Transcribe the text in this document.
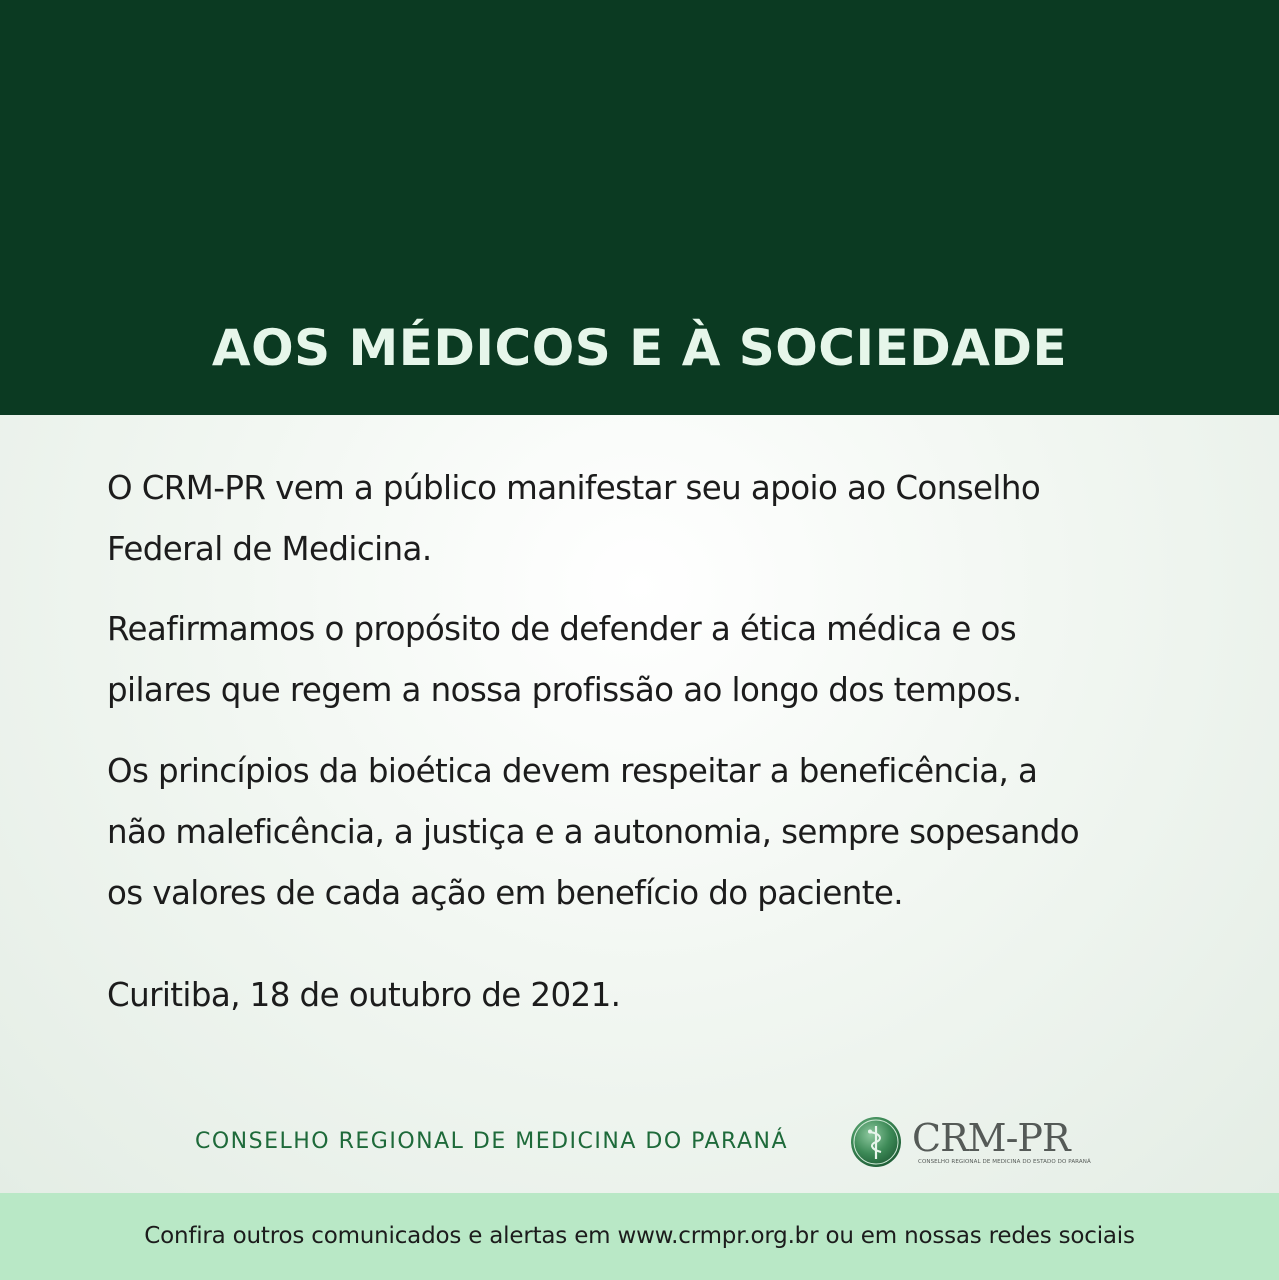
AOS MÉDICOS E À SOCIEDADE

O CRM-PR vem a público manifestar seu apoio ao Conselho
Federal de Medicina.

Reafirmamos o propósito de defender a ética médica e os
pilares que regem a nossa profissão ao longo dos tempos.

Os princípios da bioética devem respeitar a beneficência, a
não maleficência, a justiça e a autonomia, sempre sopesando
os valores de cada ação em benefício do paciente.

Curitiba, 18 de outubro de 2021.

CONSELHO REGIONAL DE MEDICINA DO PARANÁ	CRM-PR
CONSELHO REGIONAL DE MEDICINA DO ESTADO DO PARANÁ
Confira outros comunicados e alertas em www.crmpr.org.br ou em nossas redes sociais
